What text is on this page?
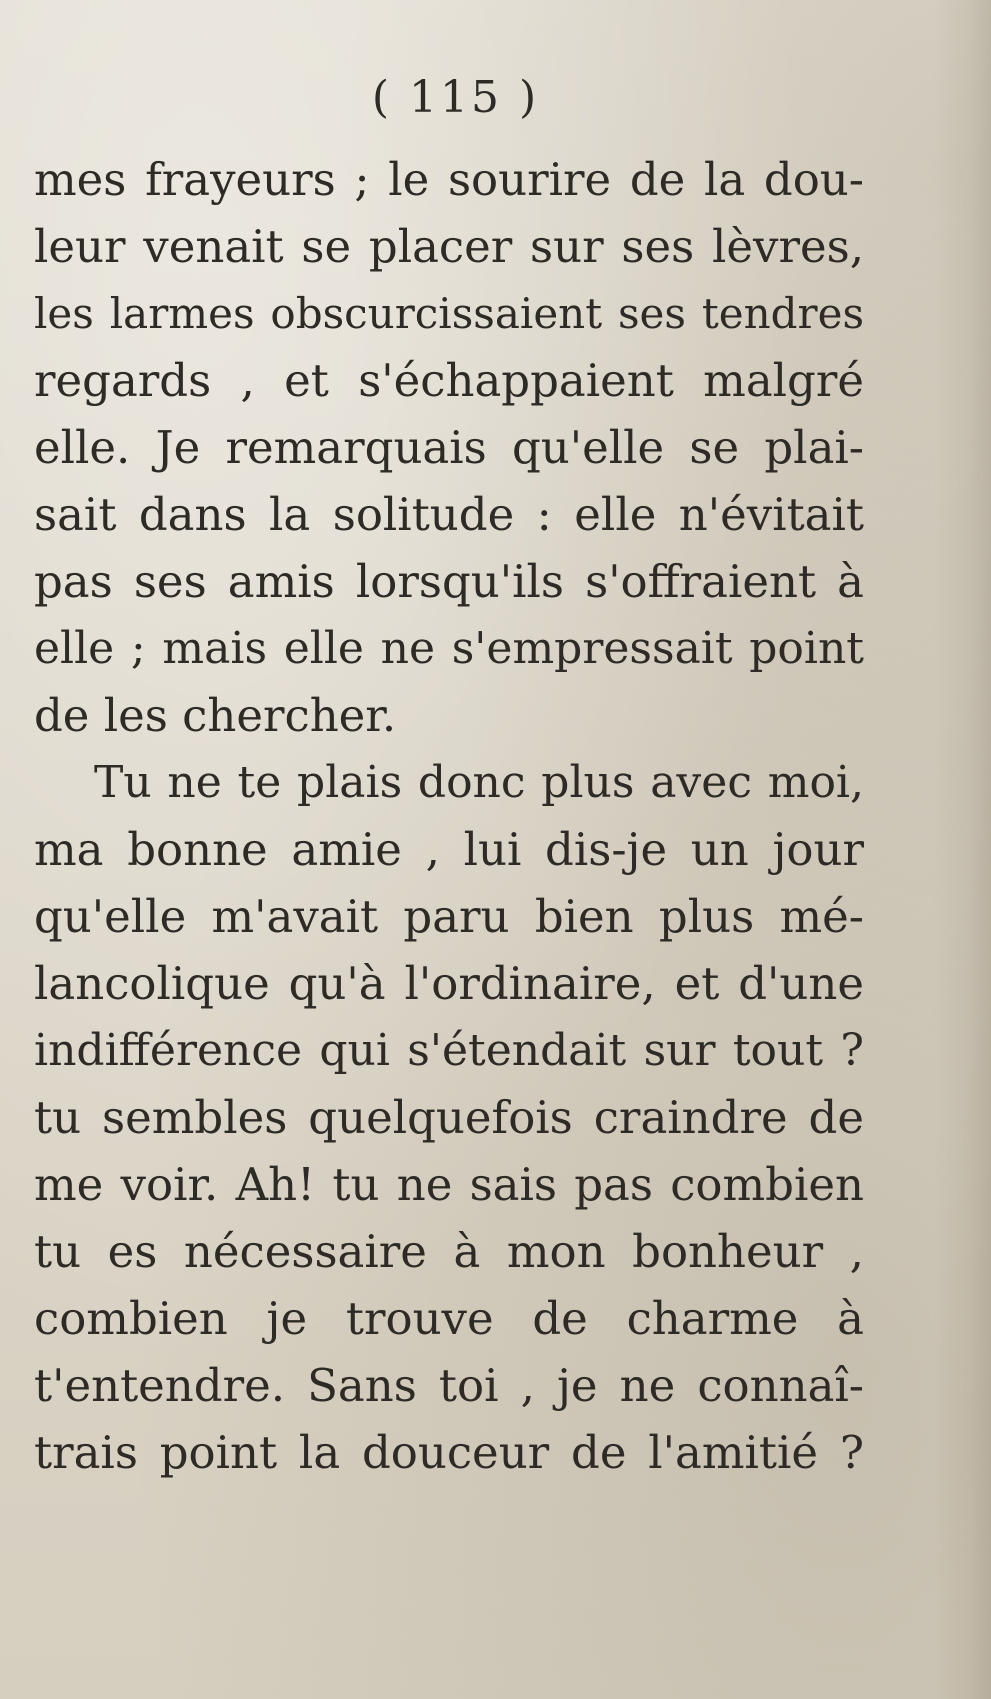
( 115 )
mes frayeurs ; le sourire de la dou-
leur venait se placer sur ses lèvres,
les larmes obscurcissaient ses tendres
regards , et s'échappaient malgré
elle. Je remarquais qu'elle se plai-
sait dans la solitude : elle n'évitait
pas ses amis lorsqu'ils s'offraient à
elle ; mais elle ne s'empressait point
de les chercher.
Tu ne te plais donc plus avec moi,
ma bonne amie , lui dis-je un jour
qu'elle m'avait paru bien plus mé-
lancolique qu'à l'ordinaire, et d'une
indifférence qui s'étendait sur tout ?
tu sembles quelquefois craindre de
me voir. Ah! tu ne sais pas combien
tu es nécessaire à mon bonheur ,
combien je trouve de charme à
t'entendre. Sans toi , je ne connaî-
trais point la douceur de l'amitié ?
